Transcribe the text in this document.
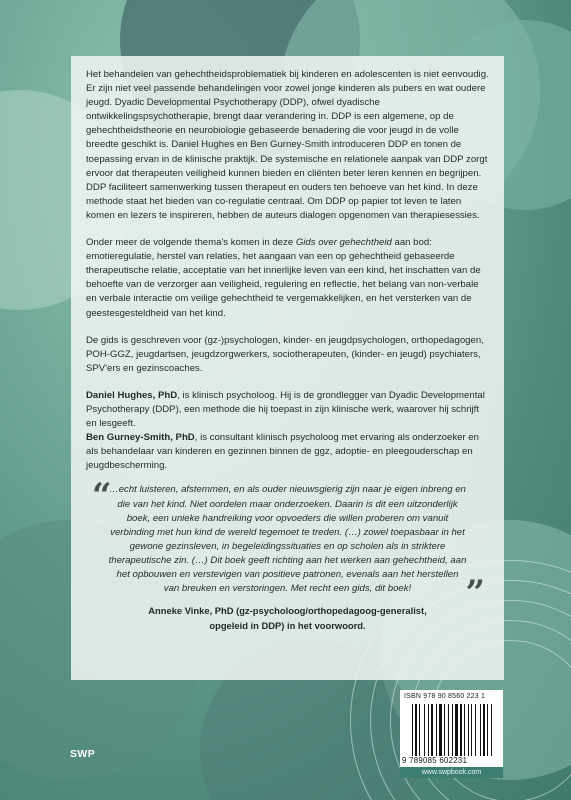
Het behandelen van gehechtheidsproblematiek bij kinderen en adolescenten is niet eenvoudig. Er zijn niet veel passende behandelingen voor zowel jonge kinderen als pubers en wat oudere jeugd. Dyadic Developmental Psychotherapy (DDP), ofwel dyadische ontwikkelingspsychotherapie, brengt daar verandering in. DDP is een algemene, op de gehechtheidstheorie en neurobiologie gebaseerde benadering die voor jeugd in de volle breedte geschikt is. Daniel Hughes en Ben Gurney-Smith introduceren DDP en tonen de toepassing ervan in de klinische praktijk. De systemische en relationele aanpak van DDP zorgt ervoor dat therapeuten veiligheid kunnen bieden en cliënten beter leren kennen en begrijpen. DDP faciliteert samenwerking tussen therapeut en ouders ten behoeve van het kind. In deze methode staat het bieden van co-regulatie centraal. Om DDP op papier tot leven te laten komen en lezers te inspireren, hebben de auteurs dialogen opgenomen van therapiesessies.

Onder meer de volgende thema's komen in deze Gids over gehechtheid aan bod: emotieregulatie, herstel van relaties, het aangaan van een op gehechtheid gebaseerde therapeutische relatie, acceptatie van het innerlijke leven van een kind, het inschatten van de behoefte van de verzorger aan veiligheid, regulering en reflectie, het belang van non-verbale en verbale interactie om veilige gehechtheid te vergemakkelijken, en het versterken van de geestesgesteldheid van het kind.

De gids is geschreven voor (gz-)psychologen, kinder- en jeugdpsychologen, orthopedagogen, POH-GGZ, jeugdartsen, jeugdzorgwerkers, sociotherapeuten, (kinder- en jeugd) psychiaters, SPV'ers en gezinscoaches.

Daniel Hughes, PhD, is klinisch psycholoog. Hij is de grondlegger van Dyadic Developmental Psychotherapy (DDP), een methode die hij toepast in zijn klinische werk, waarover hij schrijft en lesgeeft.

Ben Gurney-Smith, PhD, is consultant klinisch psycholoog met ervaring als onderzoeker en als behandelaar van kinderen en gezinnen binnen de ggz, adoptie- en pleegouderschap en jeugdbescherming.

“
…echt luisteren, afstemmen, en als ouder nieuwsgierig zijn naar je eigen inbreng en die van het kind. Niet oordelen maar onderzoeken. Daarin is dit een uitzonderlijk boek, een unieke handreiking voor opvoeders die willen proberen om vanuit verbinding met hun kind de wereld tegemoet te treden. (…) zowel toepasbaar in het gewone gezinsleven, in begeleidingssituaties en op scholen als in striktere therapeutische zin. (…) Dit boek geeft richting aan het werken aan gehechtheid, aan het opbouwen en verstevigen van positieve patronen, evenals aan het herstellen van breuken en verstoringen. Met recht een gids, dit boek! ”
Anneke Vinke, PhD (gz-psycholoog/orthopedagoog-generalist,
opgeleid in DDP) in het voorwoord.
ISBN 978 90 8560 223 1
9 789085 602231
www.swpbook.com
SWP
